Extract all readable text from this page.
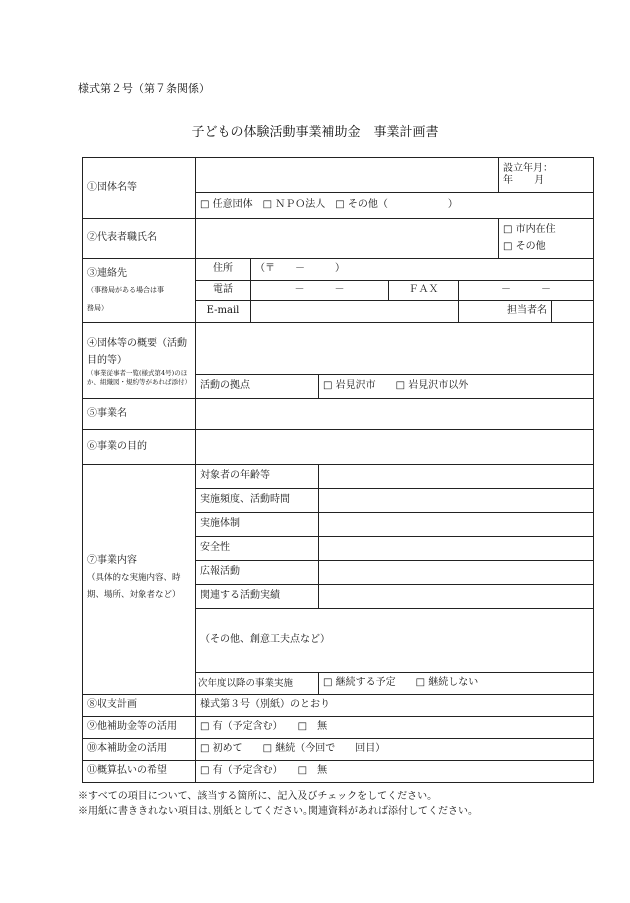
様式第２号（第７条関係）
子どもの体験活動事業補助金　事業計画書
①団体名等						設立年月： 年 月	
	□ 任意団体　□ ＮＰＯ法人　□ その他（　　　　　　）						
②代表者職氏名						□ 市内在住
□ その他	

③連絡先
（事務局がある場合は事
務局）	住所	（〒　　－　　　）					
	電話	－　　　－		ＦＡＸ	－　　　－		
	E-mail				担当者名		

④団体等の概要（活動目的等）
（事業従事者一覧(様式第4号)のほか、組織図・規約等があれば添付）							

	活動の拠点		□ 岩見沢市　　□ 岩見沢市以外				
⑤事業名							
⑥事業の目的							
⑦事業内容
（具体的な実施内容、時期、場所、対象者など）	対象者の年齢等						
	実施頻度、活動時間						
	実施体制						
	安全性						
	広報活動						
	関連する活動実績						
	（その他、創意工夫点など）						
	次年度以降の事業実施		□ 継続する予定　　□ 継続しない				
⑧収支計画	様式第３号（別紙）のとおり						
⑨他補助金等の活用	□ 有（予定含む）　　□　無						
⑩本補助金の活用	□ 初めて　　□ 継続（今回で　　回目）						
⑪概算払いの希望	□ 有（予定含む）　　□　無						
※すべての項目について、該当する箇所に、記入及びチェックをしてください。
※用紙に書ききれない項目は､別紙としてください｡関連資料があれば添付してください｡
